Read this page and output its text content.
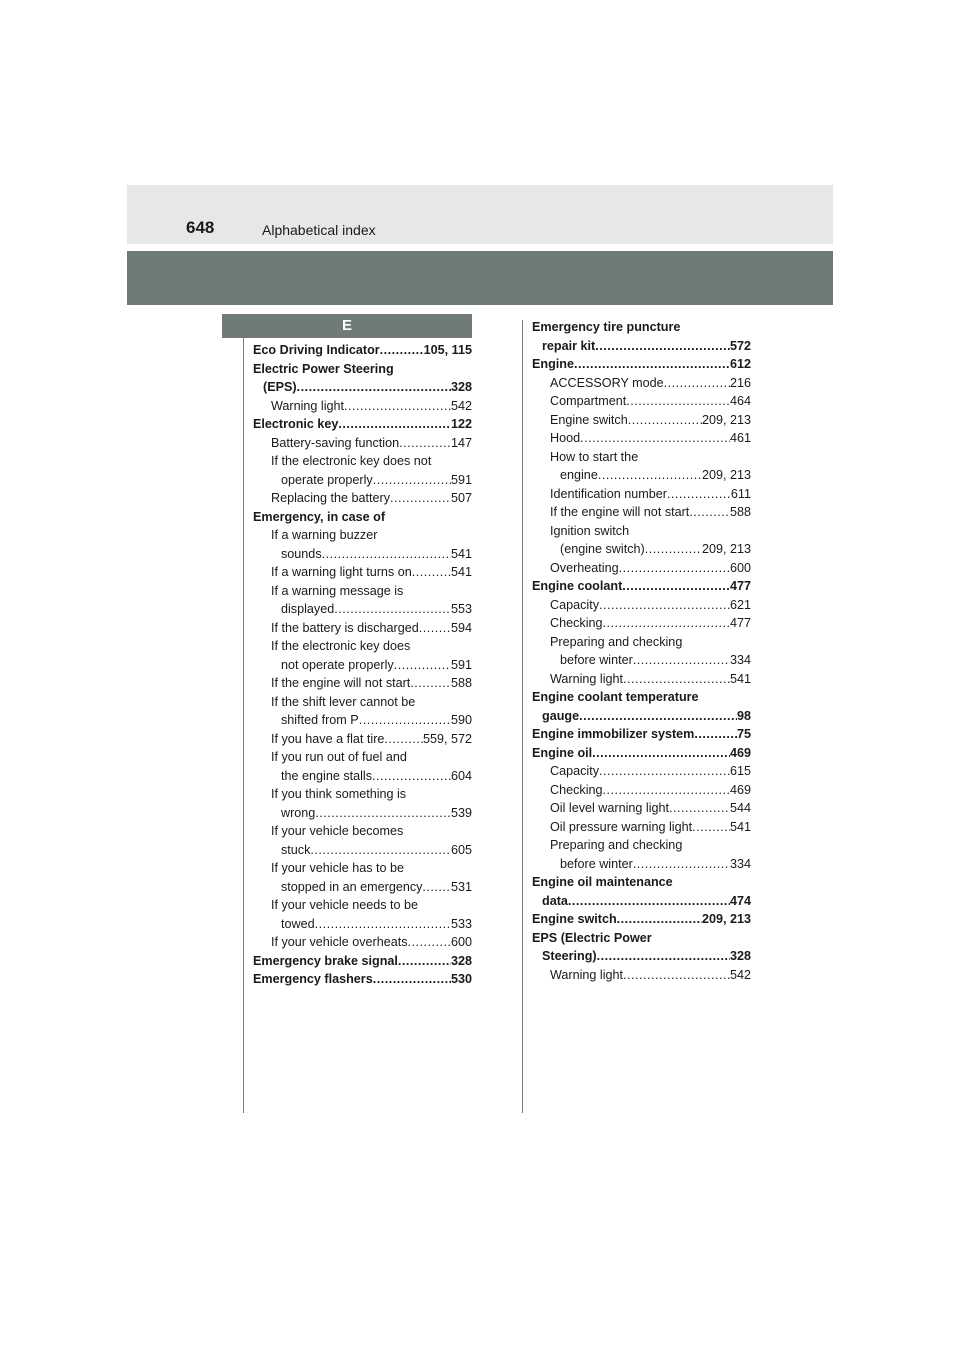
648	Alphabetical index
E
Eco Driving Indicator .....	105, 115
Electric Power Steering
(EPS) .....	328
Warning light .....	542
Electronic key .....	122
Battery-saving function .....	147
If the electronic key does not
operate properly .....	591
Replacing the battery .....	507
Emergency, in case of
If a warning buzzer
sounds .....	541
If a warning light turns on .....	541
If a warning message is
displayed .....	553
If the battery is discharged .....	594
If the electronic key does
not operate properly .....	591
If the engine will not start .....	588
If the shift lever cannot be
shifted from P .....	590
If you have a flat tire .....	559, 572
If you run out of fuel and
the engine stalls .....	604
If you think something is
wrong .....	539
If your vehicle becomes
stuck .....	605
If your vehicle has to be
stopped in an emergency ..... 531
If your vehicle needs to be
towed .....	533
If your vehicle overheats .....	600
Emergency brake signal .....	328
Emergency flashers .....	530
Emergency tire puncture
repair kit .....	572
Engine .....	612
ACCESSORY mode .....	216
Compartment .....	464
Engine switch .....	209, 213
Hood .....	461
How to start the
engine .....	209, 213
Identification number .....	611
If the engine will not start .....	588
Ignition switch
(engine switch) .....	209, 213
Overheating .....	600
Engine coolant .....	477
Capacity .....	621
Checking .....	477
Preparing and checking
before winter .....	334
Warning light .....	541
Engine coolant temperature
gauge .....	98
Engine immobilizer system .....	75
Engine oil .....	469
Capacity .....	615
Checking .....	469
Oil level warning light .....	544
Oil pressure warning light .....	541
Preparing and checking
before winter .....	334
Engine oil maintenance
data .....	474
Engine switch .....	209, 213
EPS (Electric Power
Steering) .....	328
Warning light .....	542
